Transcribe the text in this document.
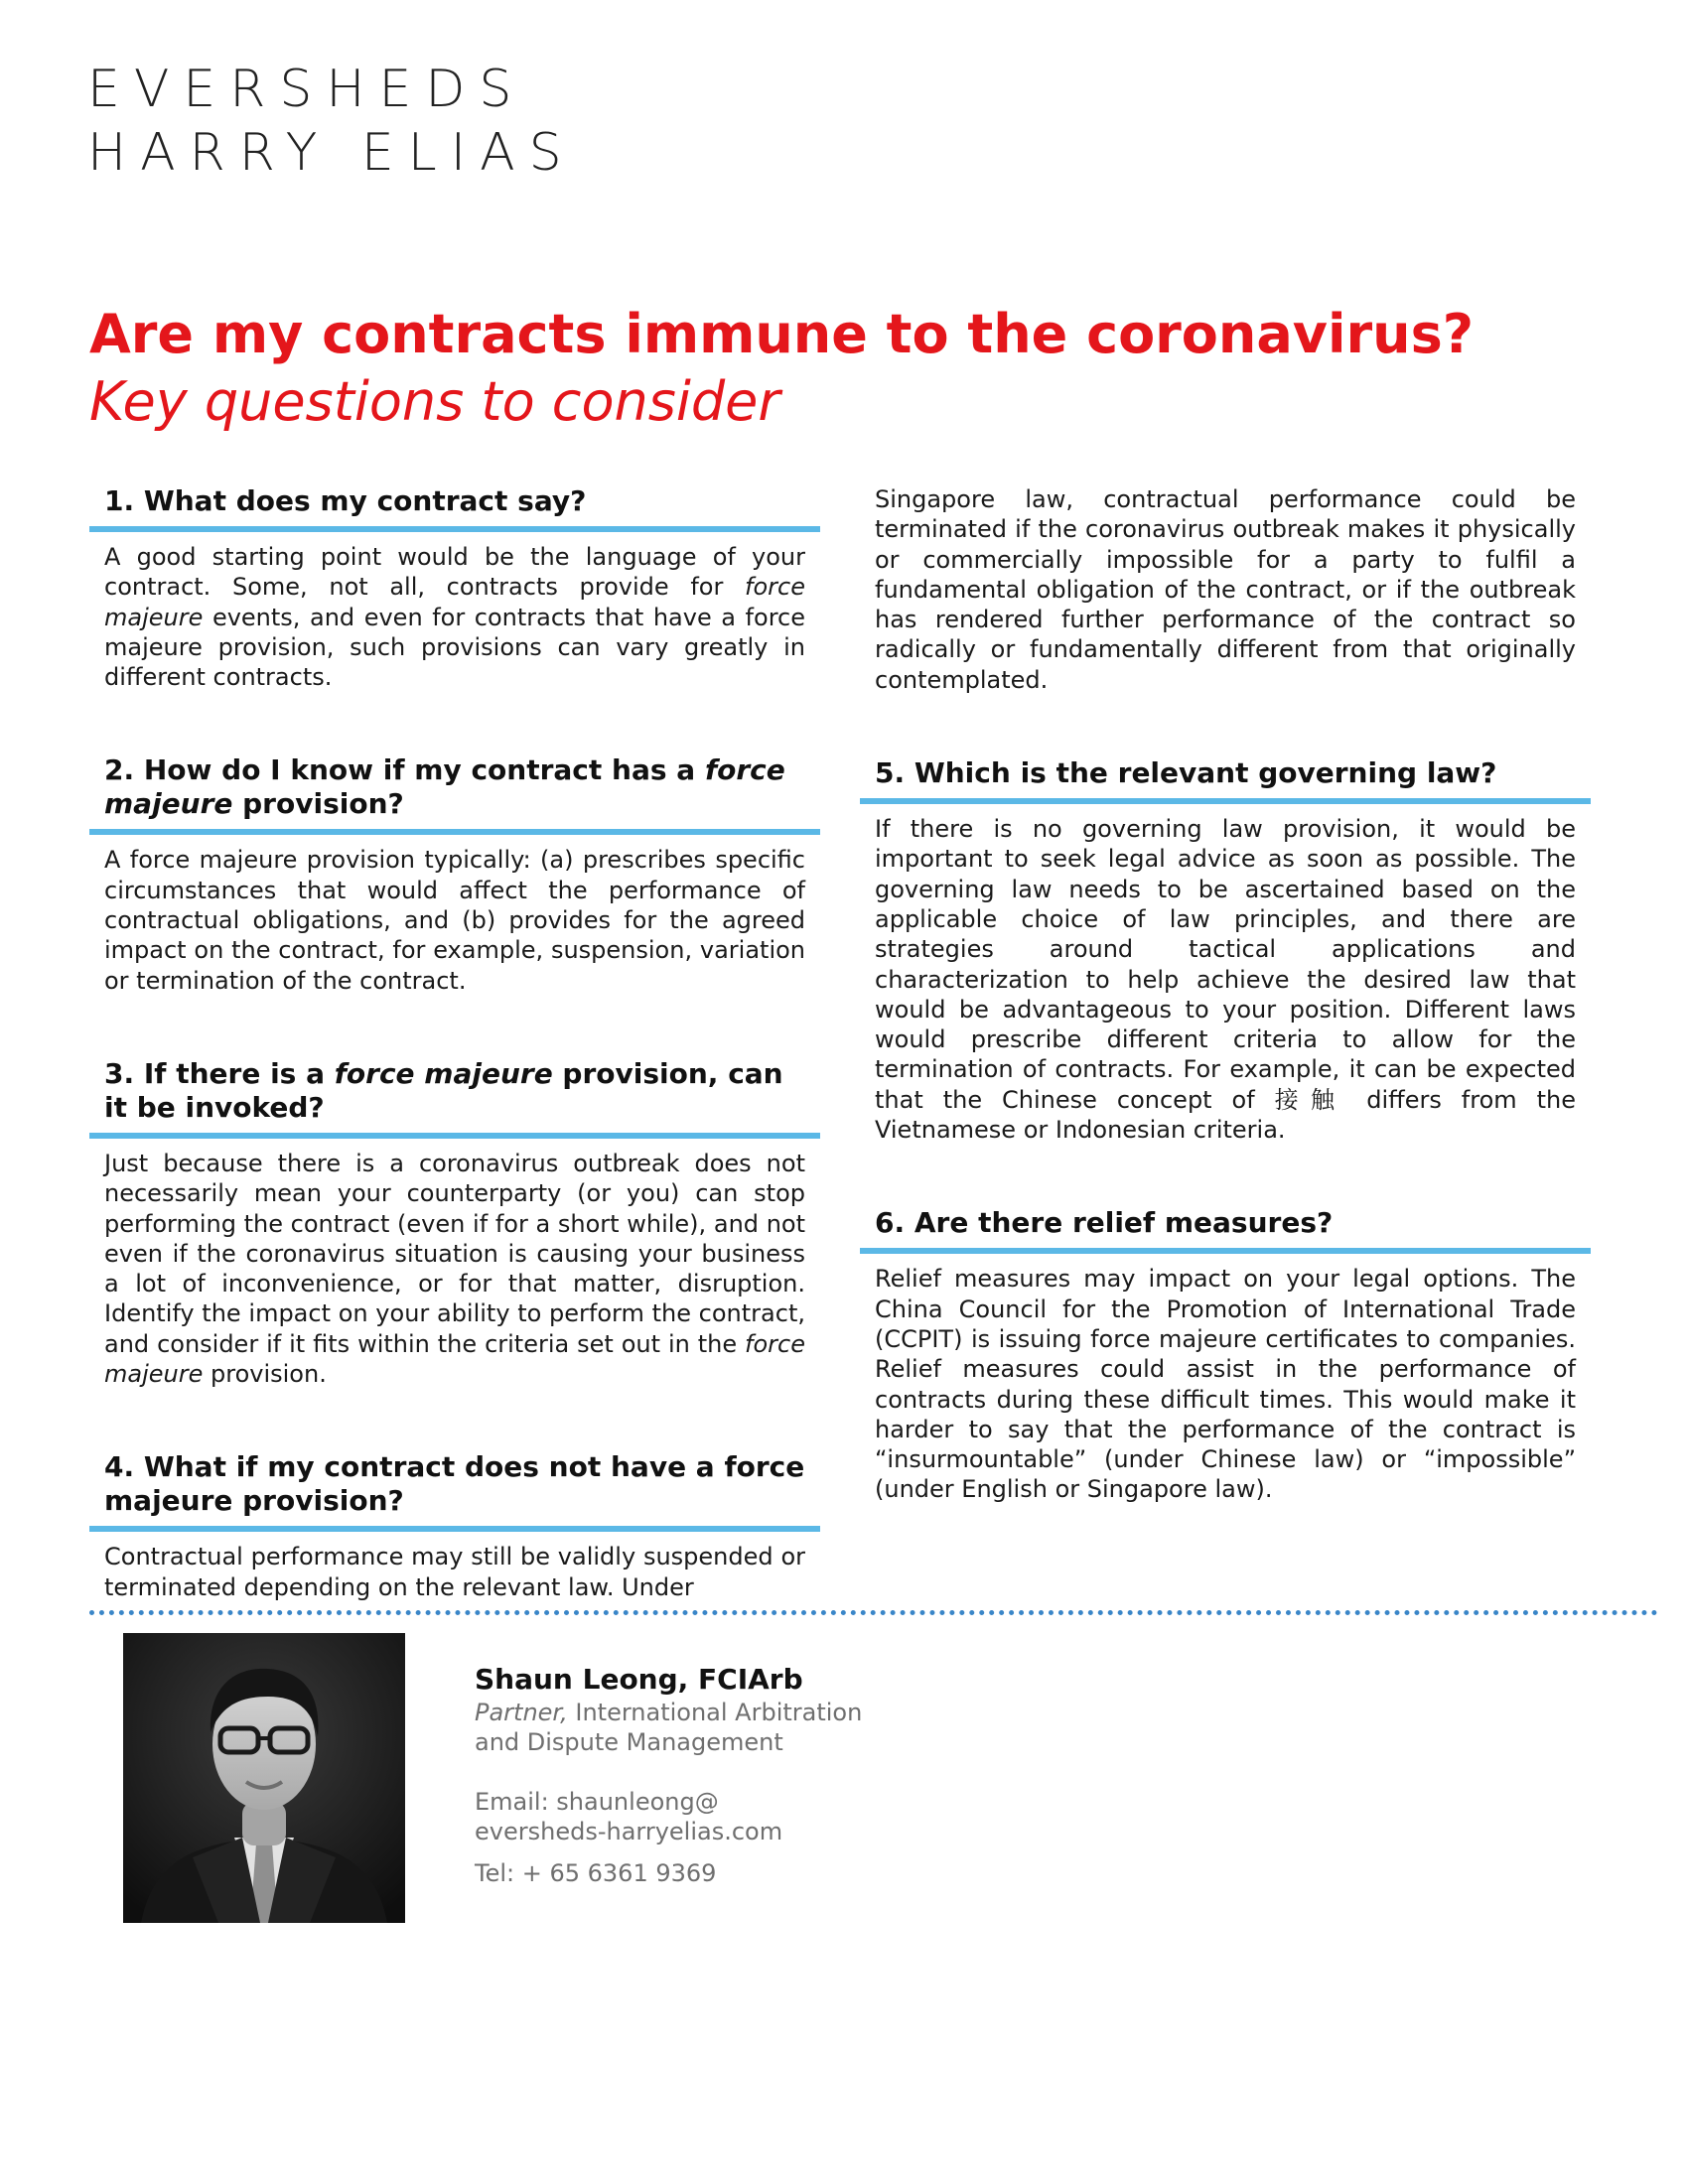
EVERSHEDS
HARRY ELIAS
Are my contracts immune to the coronavirus?
Key questions to consider
1. What does my contract say?

A good starting point would be the language of your contract. Some, not all, contracts provide for force majeure events, and even for contracts that have a force majeure provision, such provisions can vary greatly in different contracts.

2. How do I know if my contract has a force majeure provision?

A force majeure provision typically: (a) prescribes specific circumstances that would affect the performance of contractual obligations, and (b) provides for the agreed impact on the contract, for example, suspension, variation or termination of the contract.

3. If there is a force majeure provision, can it be invoked?

Just because there is a coronavirus outbreak does not necessarily mean your counterparty (or you) can stop performing the contract (even if for a short while), and not even if the coronavirus situation is causing your business a lot of inconvenience, or for that matter, disruption. Identify the impact on your ability to perform the contract, and consider if it fits within the criteria set out in the force majeure provision.

4. What if my contract does not have a force majeure provision?

Contractual performance may still be validly suspended or terminated depending on the relevant law. Under

Singapore law, contractual performance could be terminated if the coronavirus outbreak makes it physically or commercially impossible for a party to fulfil a fundamental obligation of the contract, or if the outbreak has rendered further performance of the contract so radically or fundamentally different from that originally contemplated.

5. Which is the relevant governing law?

If there is no governing law provision, it would be important to seek legal advice as soon as possible. The governing law needs to be ascertained based on the applicable choice of law principles, and there are strategies around tactical applications and characterization to help achieve the desired law that would be advantageous to your position. Different laws would prescribe different criteria to allow for the termination of contracts. For example, it can be expected that the Chinese concept of 接触 differs from the Vietnamese or Indonesian criteria.

6. Are there relief measures?

Relief measures may impact on your legal options. The China Council for the Promotion of International Trade (CCPIT) is issuing force majeure certificates to companies. Relief measures could assist in the performance of contracts during these difficult times. This would make it harder to say that the performance of the contract is “insurmountable” (under Chinese law) or “impossible” (under English or Singapore law).

Shaun Leong, FCIArb
Partner, International Arbitration and Dispute Management
Email: shaunleong@
eversheds-harryelias.com
Tel: + 65 6361 9369
